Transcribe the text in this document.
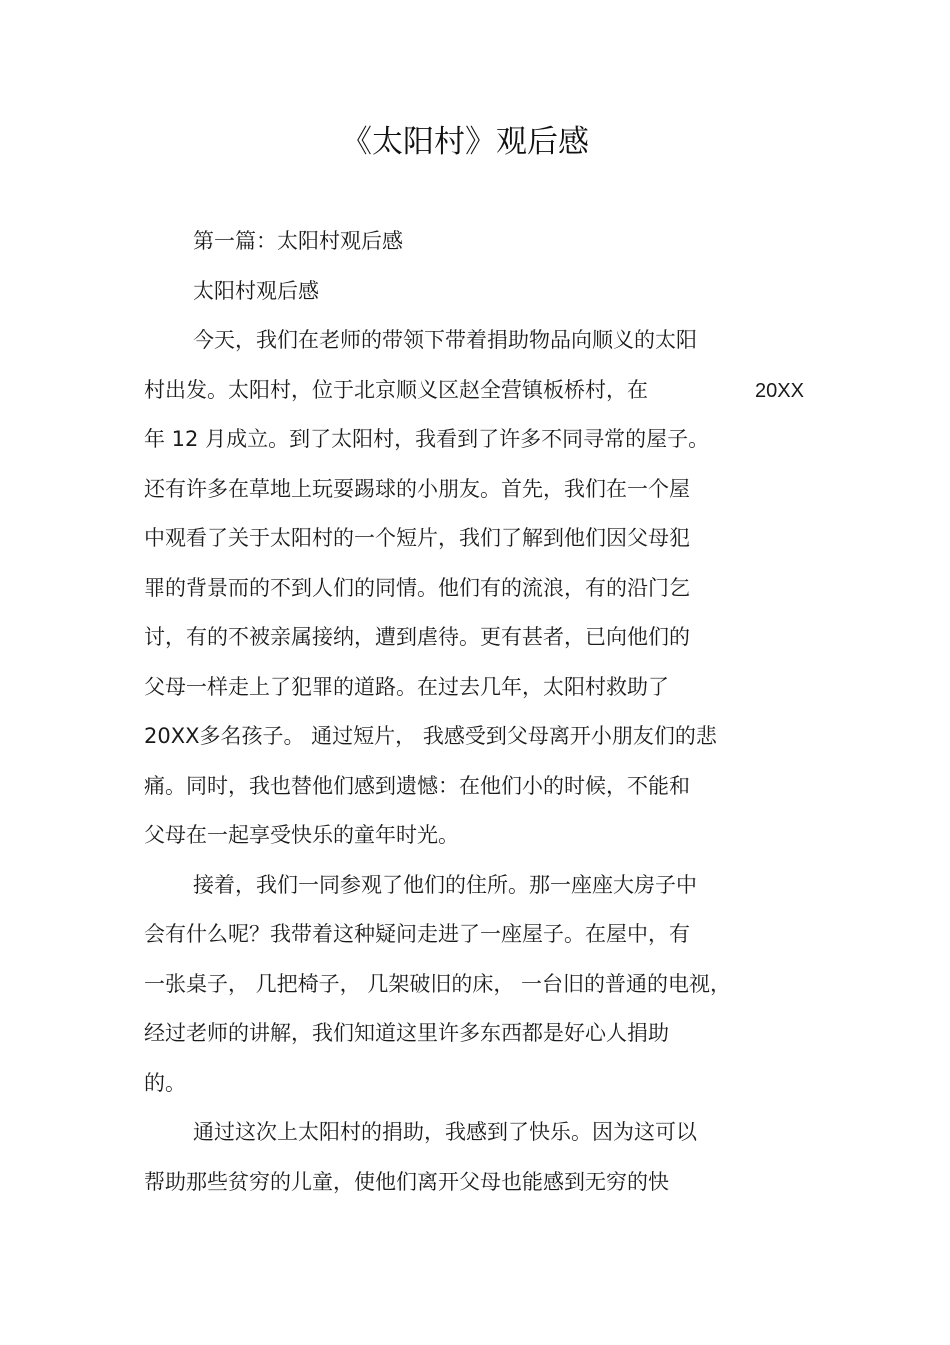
《太阳村》观后感
第一篇：太阳村观后感
太阳村观后感
今天，我们在老师的带领下带着捐助物品向顺义的太阳
村出发。太阳村，位于北京顺义区赵全营镇板桥村，在	20XX
年 12 月成立。到了太阳村，我看到了许多不同寻常的屋子。
还有许多在草地上玩耍踢球的小朋友。首先，我们在一个屋
中观看了关于太阳村的一个短片，我们了解到他们因父母犯
罪的背景而的不到人们的同情。他们有的流浪，有的沿门乞
讨，有的不被亲属接纳，遭到虐待。更有甚者，已向他们的
父母一样走上了犯罪的道路。在过去几年，太阳村救助了
20XX多名孩子。 通过短片， 我感受到父母离开小朋友们的悲
痛。同时，我也替他们感到遗憾：在他们小的时候，不能和
父母在一起享受快乐的童年时光。
接着，我们一同参观了他们的住所。那一座座大房子中
会有什么呢？我带着这种疑问走进了一座屋子。在屋中，有
一张桌子， 几把椅子， 几架破旧的床， 一台旧的普通的电视，
经过老师的讲解，我们知道这里许多东西都是好心人捐助
的。
通过这次上太阳村的捐助，我感到了快乐。因为这可以
帮助那些贫穷的儿童，使他们离开父母也能感到无穷的快
